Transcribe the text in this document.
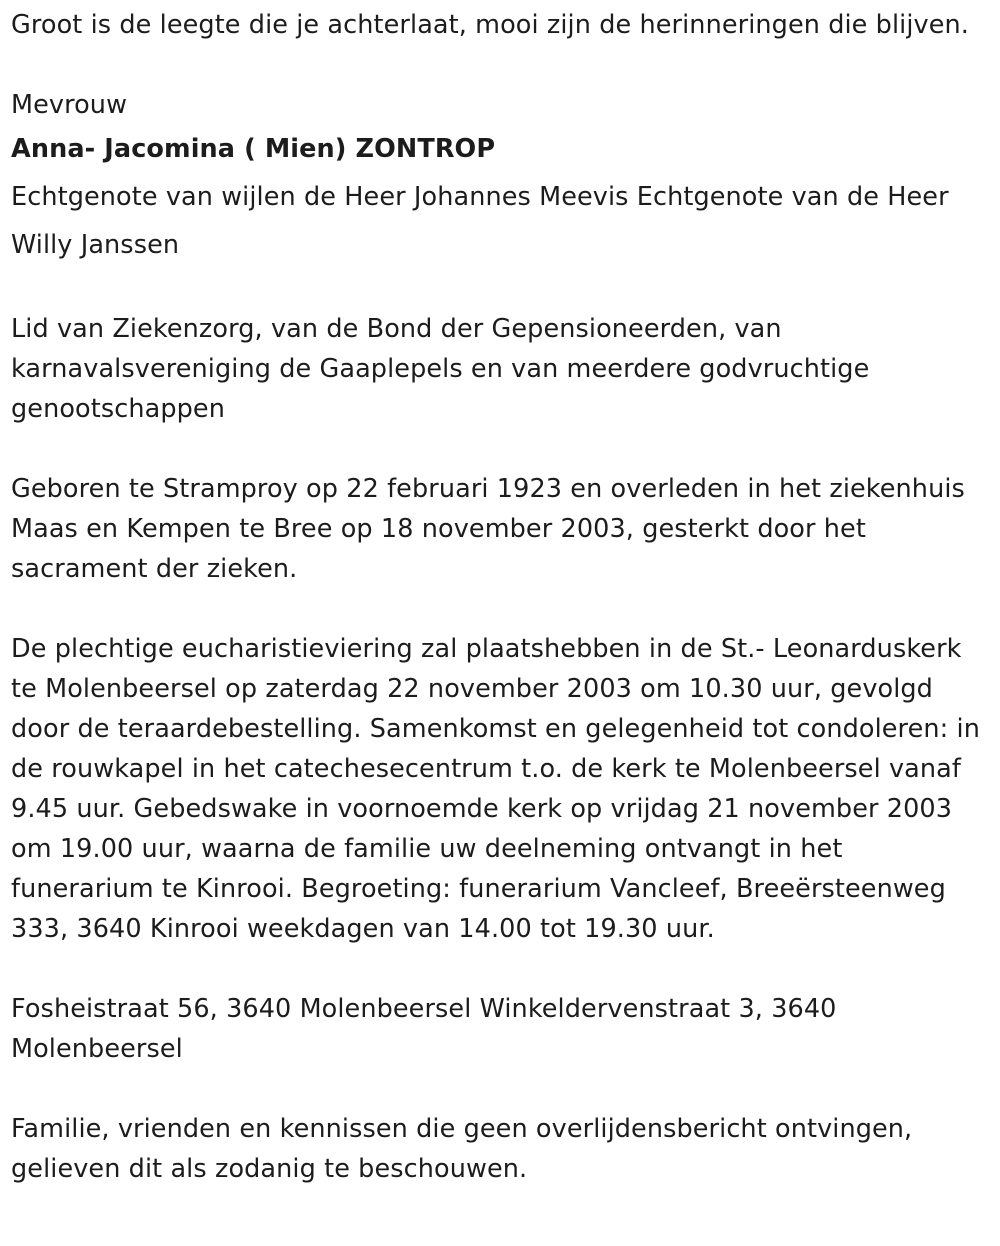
Groot is de leegte die je achterlaat, mooi zijn de herinneringen die blijven.

Mevrouw

Anna- Jacomina ( Mien) ZONTROP

Echtgenote van wijlen de Heer Johannes Meevis Echtgenote van de Heer Willy Janssen

Lid van Ziekenzorg, van de Bond der Gepensioneerden, van karnavalsvereniging de Gaaplepels en van meerdere godvruchtige genootschappen

Geboren te Stramproy op 22 februari 1923 en overleden in het ziekenhuis Maas en Kempen te Bree op 18 november 2003, gesterkt door het sacrament der zieken.

De plechtige eucharistieviering zal plaatshebben in de St.- Leonarduskerk te Molenbeersel op zaterdag 22 november 2003 om 10.30 uur, gevolgd door de teraardebestelling. Samenkomst en gelegenheid tot condoleren: in de rouwkapel in het catechesecentrum t.o. de kerk te Molenbeersel vanaf 9.45 uur. Gebedswake in voornoemde kerk op vrijdag 21 november 2003 om 19.00 uur, waarna de familie uw deelneming ontvangt in het funerarium te Kinrooi. Begroeting: funerarium Vancleef, Breeërsteenweg 333, 3640 Kinrooi weekdagen van 14.00 tot 19.30 uur.

Fosheistraat 56, 3640 Molenbeersel Winkeldervenstraat 3, 3640 Molenbeersel

Familie, vrienden en kennissen die geen overlijdensbericht ontvingen, gelieven dit als zodanig te beschouwen.
